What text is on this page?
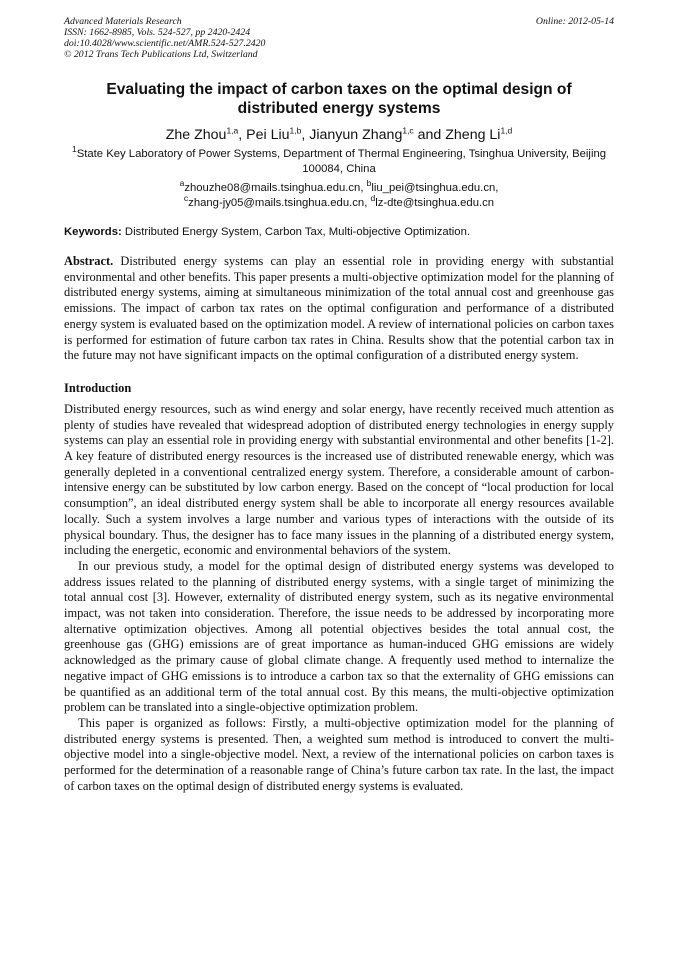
Advanced Materials Research
ISSN: 1662-8985, Vols. 524-527, pp 2420-2424
doi:10.4028/www.scientific.net/AMR.524-527.2420
© 2012 Trans Tech Publications Ltd, Switzerland
Online: 2012-05-14
Evaluating the impact of carbon taxes on the optimal design of distributed energy systems
Zhe Zhou$^{1,a}$, Pei Liu$^{1,b}$, Jianyun Zhang$^{1,c}$ and Zheng Li$^{1,d}$
$^1$State Key Laboratory of Power Systems, Department of Thermal Engineering, Tsinghua University, Beijing 100084, China
$^a$zhouzhe08@mails.tsinghua.edu.cn, $^b$liu_pei@tsinghua.edu.cn,
$^c$zhang-jy05@mails.tsinghua.edu.cn, $^d$lz-dte@tsinghua.edu.cn
Keywords: Distributed Energy System, Carbon Tax, Multi-objective Optimization.
Abstract. Distributed energy systems can play an essential role in providing energy with substantial environmental and other benefits. This paper presents a multi-objective optimization model for the planning of distributed energy systems, aiming at simultaneous minimization of the total annual cost and greenhouse gas emissions. The impact of carbon tax rates on the optimal configuration and performance of a distributed energy system is evaluated based on the optimization model. A review of international policies on carbon taxes is performed for estimation of future carbon tax rates in China. Results show that the potential carbon tax in the future may not have significant impacts on the optimal configuration of a distributed energy system.
Introduction

Distributed energy resources, such as wind energy and solar energy, have recently received much attention as plenty of studies have revealed that widespread adoption of distributed energy technologies in energy supply systems can play an essential role in providing energy with substantial environmental and other benefits [1-2]. A key feature of distributed energy resources is the increased use of distributed renewable energy, which was generally depleted in a conventional centralized energy system. Therefore, a considerable amount of carbon-intensive energy can be substituted by low carbon energy. Based on the concept of “local production for local consumption”, an ideal distributed energy system shall be able to incorporate all energy resources available locally. Such a system involves a large number and various types of interactions with the outside of its physical boundary. Thus, the designer has to face many issues in the planning of a distributed energy system, including the energetic, economic and environmental behaviors of the system.

In our previous study, a model for the optimal design of distributed energy systems was developed to address issues related to the planning of distributed energy systems, with a single target of minimizing the total annual cost [3]. However, externality of distributed energy system, such as its negative environmental impact, was not taken into consideration. Therefore, the issue needs to be addressed by incorporating more alternative optimization objectives. Among all potential objectives besides the total annual cost, the greenhouse gas (GHG) emissions are of great importance as human-induced GHG emissions are widely acknowledged as the primary cause of global climate change. A frequently used method to internalize the negative impact of GHG emissions is to introduce a carbon tax so that the externality of GHG emissions can be quantified as an additional term of the total annual cost. By this means, the multi-objective optimization problem can be translated into a single-objective optimization problem.

This paper is organized as follows: Firstly, a multi-objective optimization model for the planning of distributed energy systems is presented. Then, a weighted sum method is introduced to convert the multi-objective model into a single-objective model. Next, a review of the international policies on carbon taxes is performed for the determination of a reasonable range of China’s future carbon tax rate. In the last, the impact of carbon taxes on the optimal design of distributed energy systems is evaluated.
